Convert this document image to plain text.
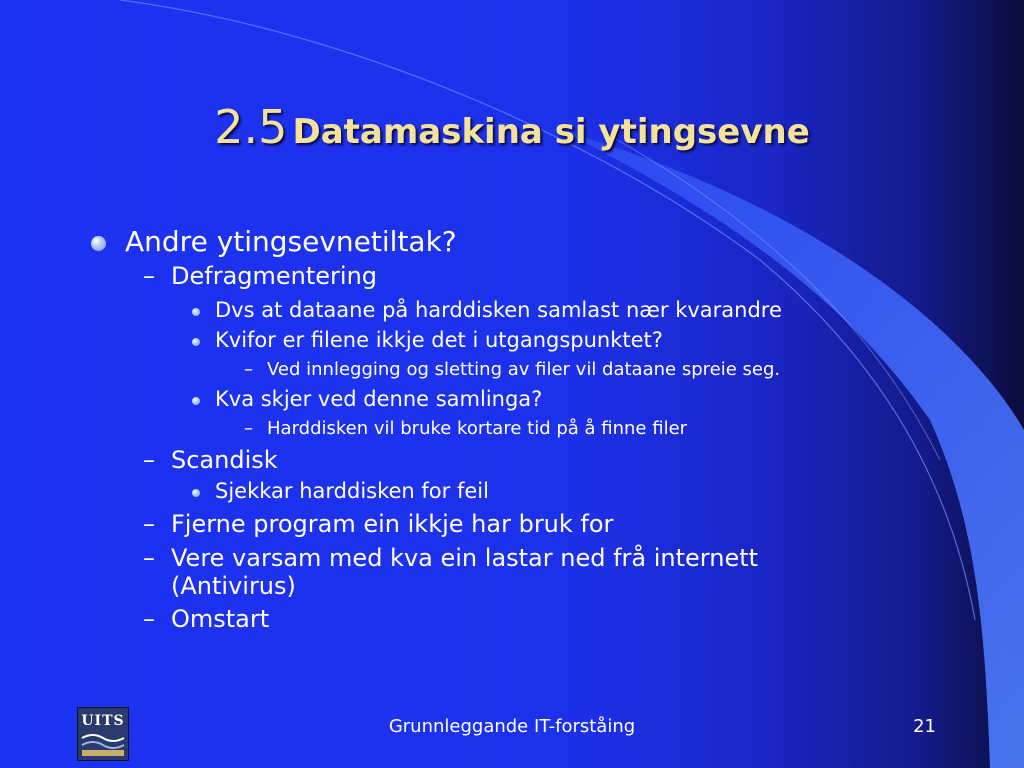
2.5 Datamaskina si ytingsevne
Andre ytingsevnetiltak?
– Defragmentering
Dvs at dataane på harddisken samlast nær kvarandre
Kvifor er filene ikkje det i utgangspunktet?
– Ved innlegging og sletting av filer vil dataane spreie seg.
Kva skjer ved denne samlinga?
– Harddisken vil bruke kortare tid på å finne filer
– Scandisk
Sjekkar harddisken for feil
– Fjerne program ein ikkje har bruk for
– Vere varsam med kva ein lastar ned frå internett
(Antivirus)
– Omstart
UITS	Grunnleggande IT-forståing	21
